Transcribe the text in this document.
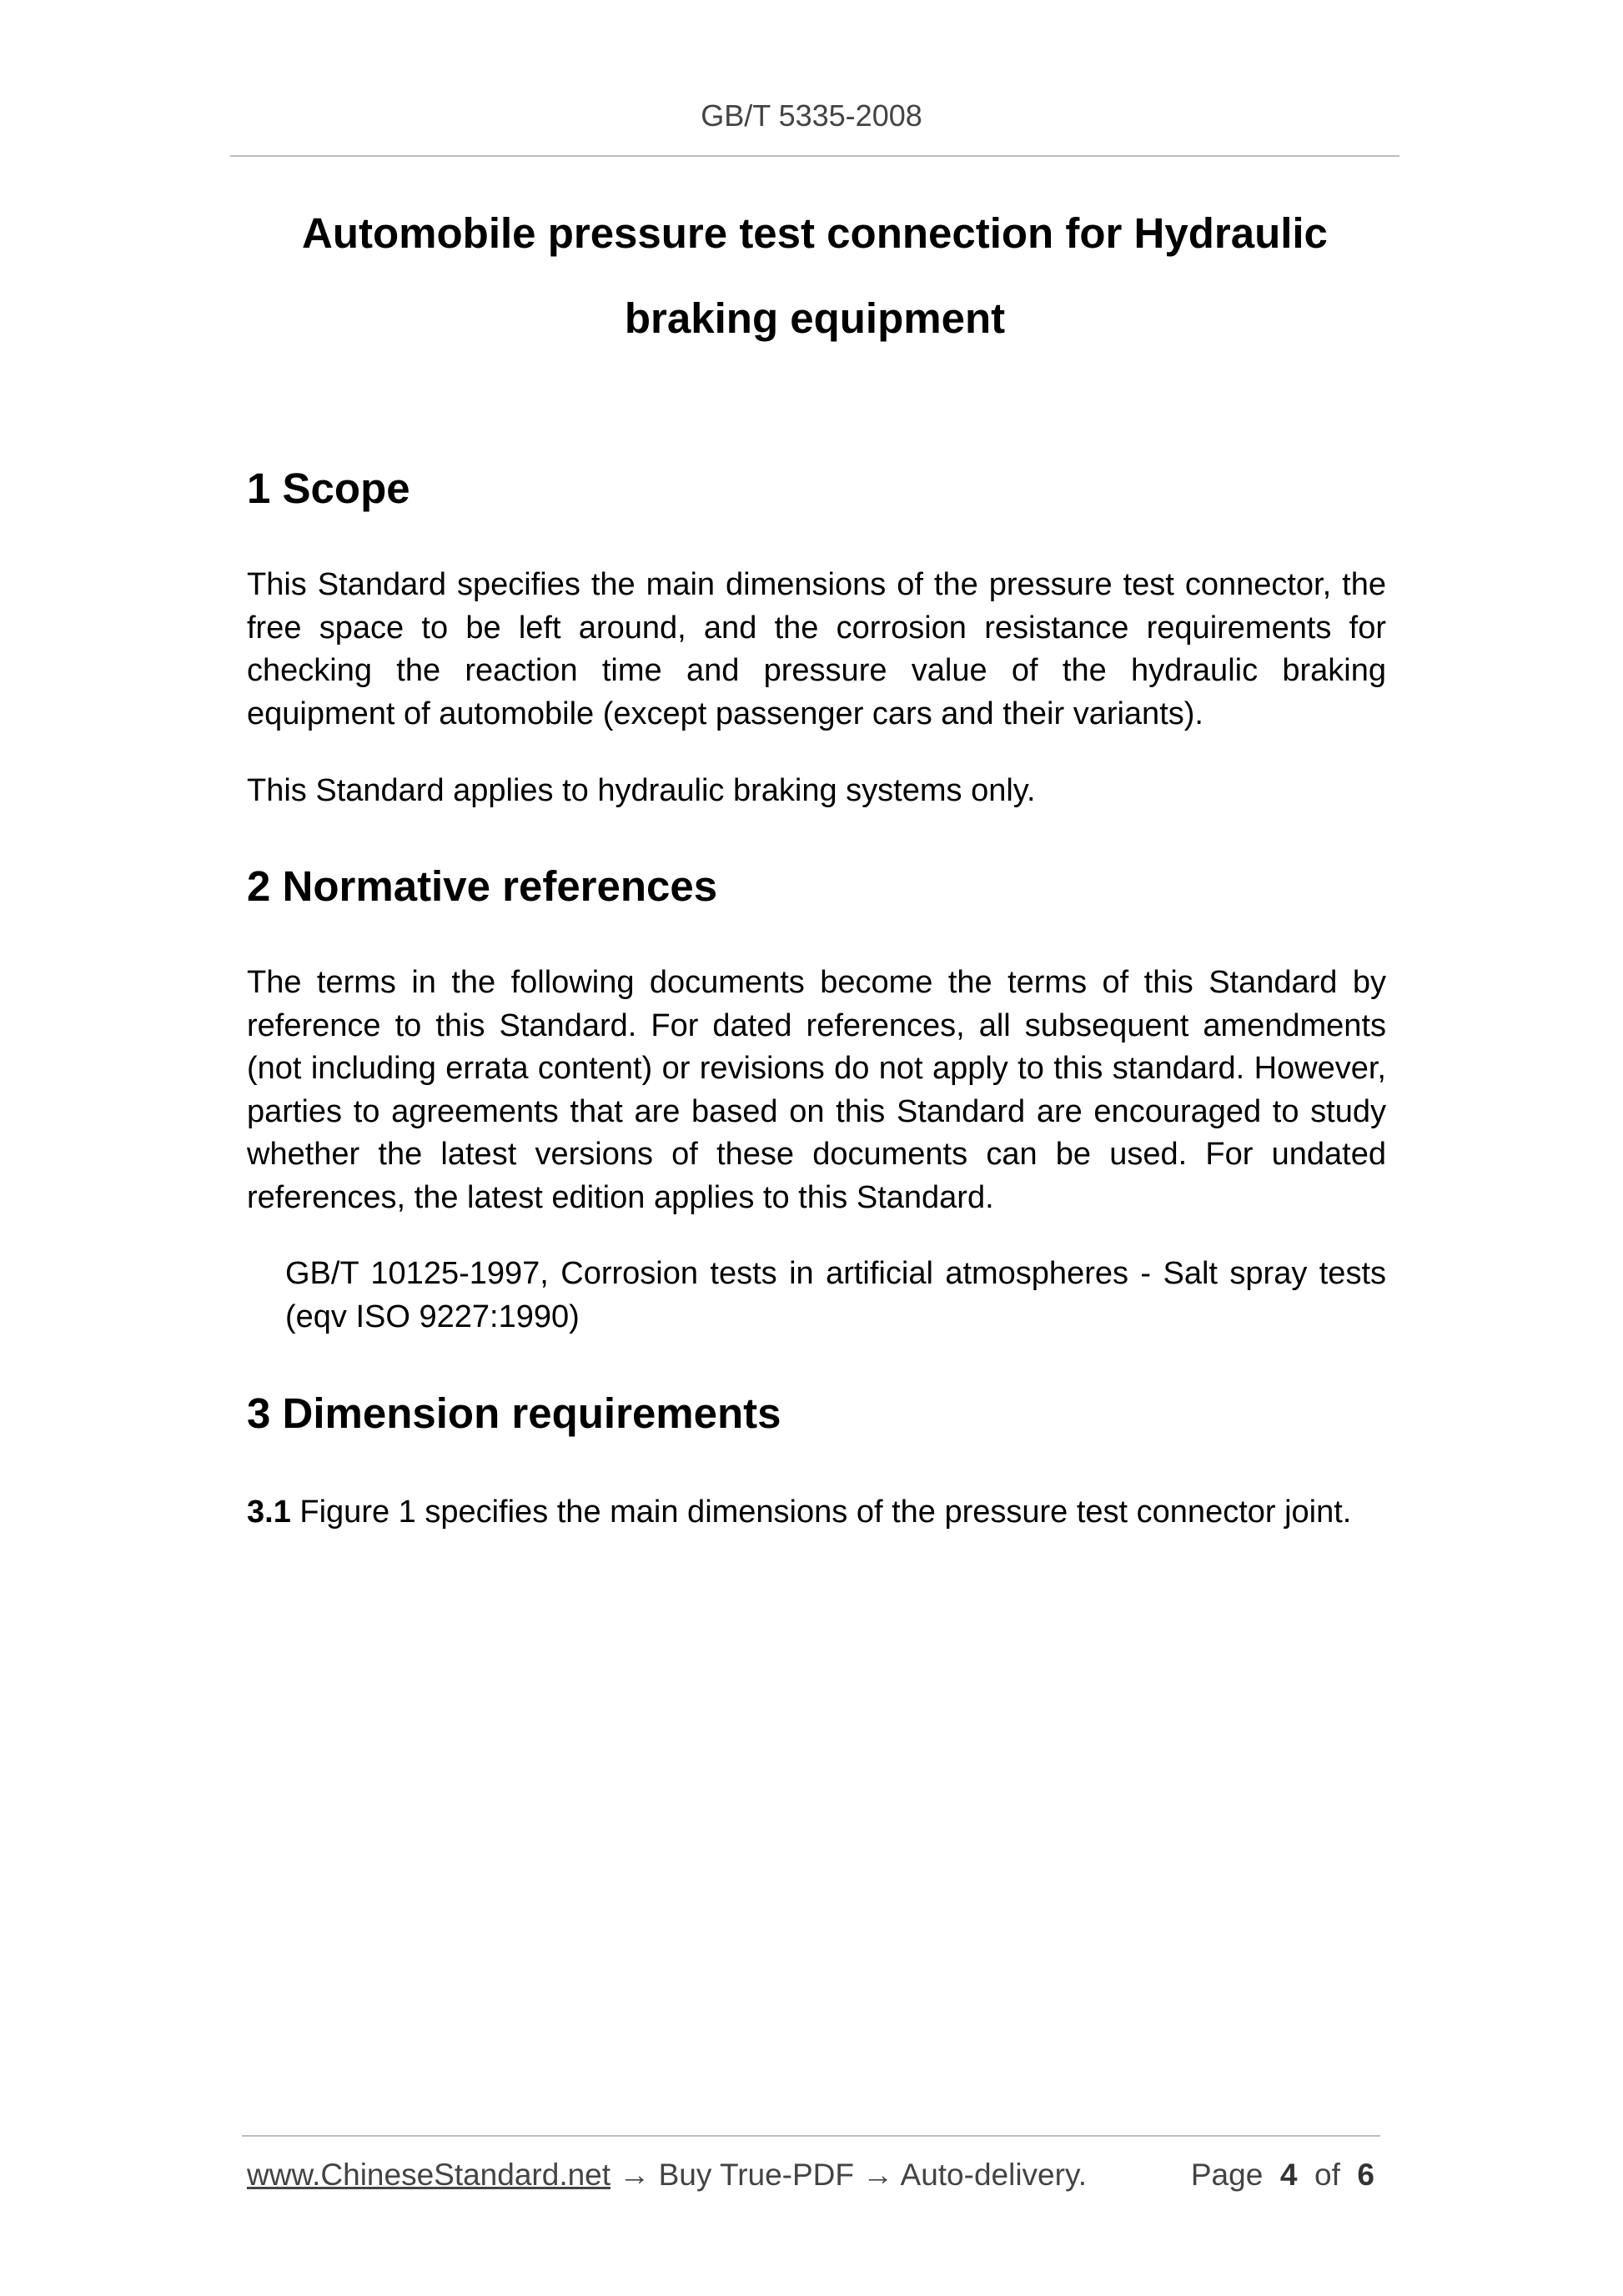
GB/T 5335-2008
Automobile pressure test connection for Hydraulic
braking equipment
1 Scope

This Standard specifies the main dimensions of the pressure test connector, the free space to be left around, and the corrosion resistance requirements for checking the reaction time and pressure value of the hydraulic braking equipment of automobile (except passenger cars and their variants).

This Standard applies to hydraulic braking systems only.

2 Normative references

The terms in the following documents become the terms of this Standard by reference to this Standard. For dated references, all subsequent amendments (not including errata content) or revisions do not apply to this standard. However, parties to agreements that are based on this Standard are encouraged to study whether the latest versions of these documents can be used. For undated references, the latest edition applies to this Standard.

GB/T 10125-1997, Corrosion tests in artificial atmospheres - Salt spray tests (eqv ISO 9227:1990)

3 Dimension requirements

3.1 Figure 1 specifies the main dimensions of the pressure test connector joint.

www.ChineseStandard.net → Buy True-PDF → Auto-delivery.	Page 4 of 6
